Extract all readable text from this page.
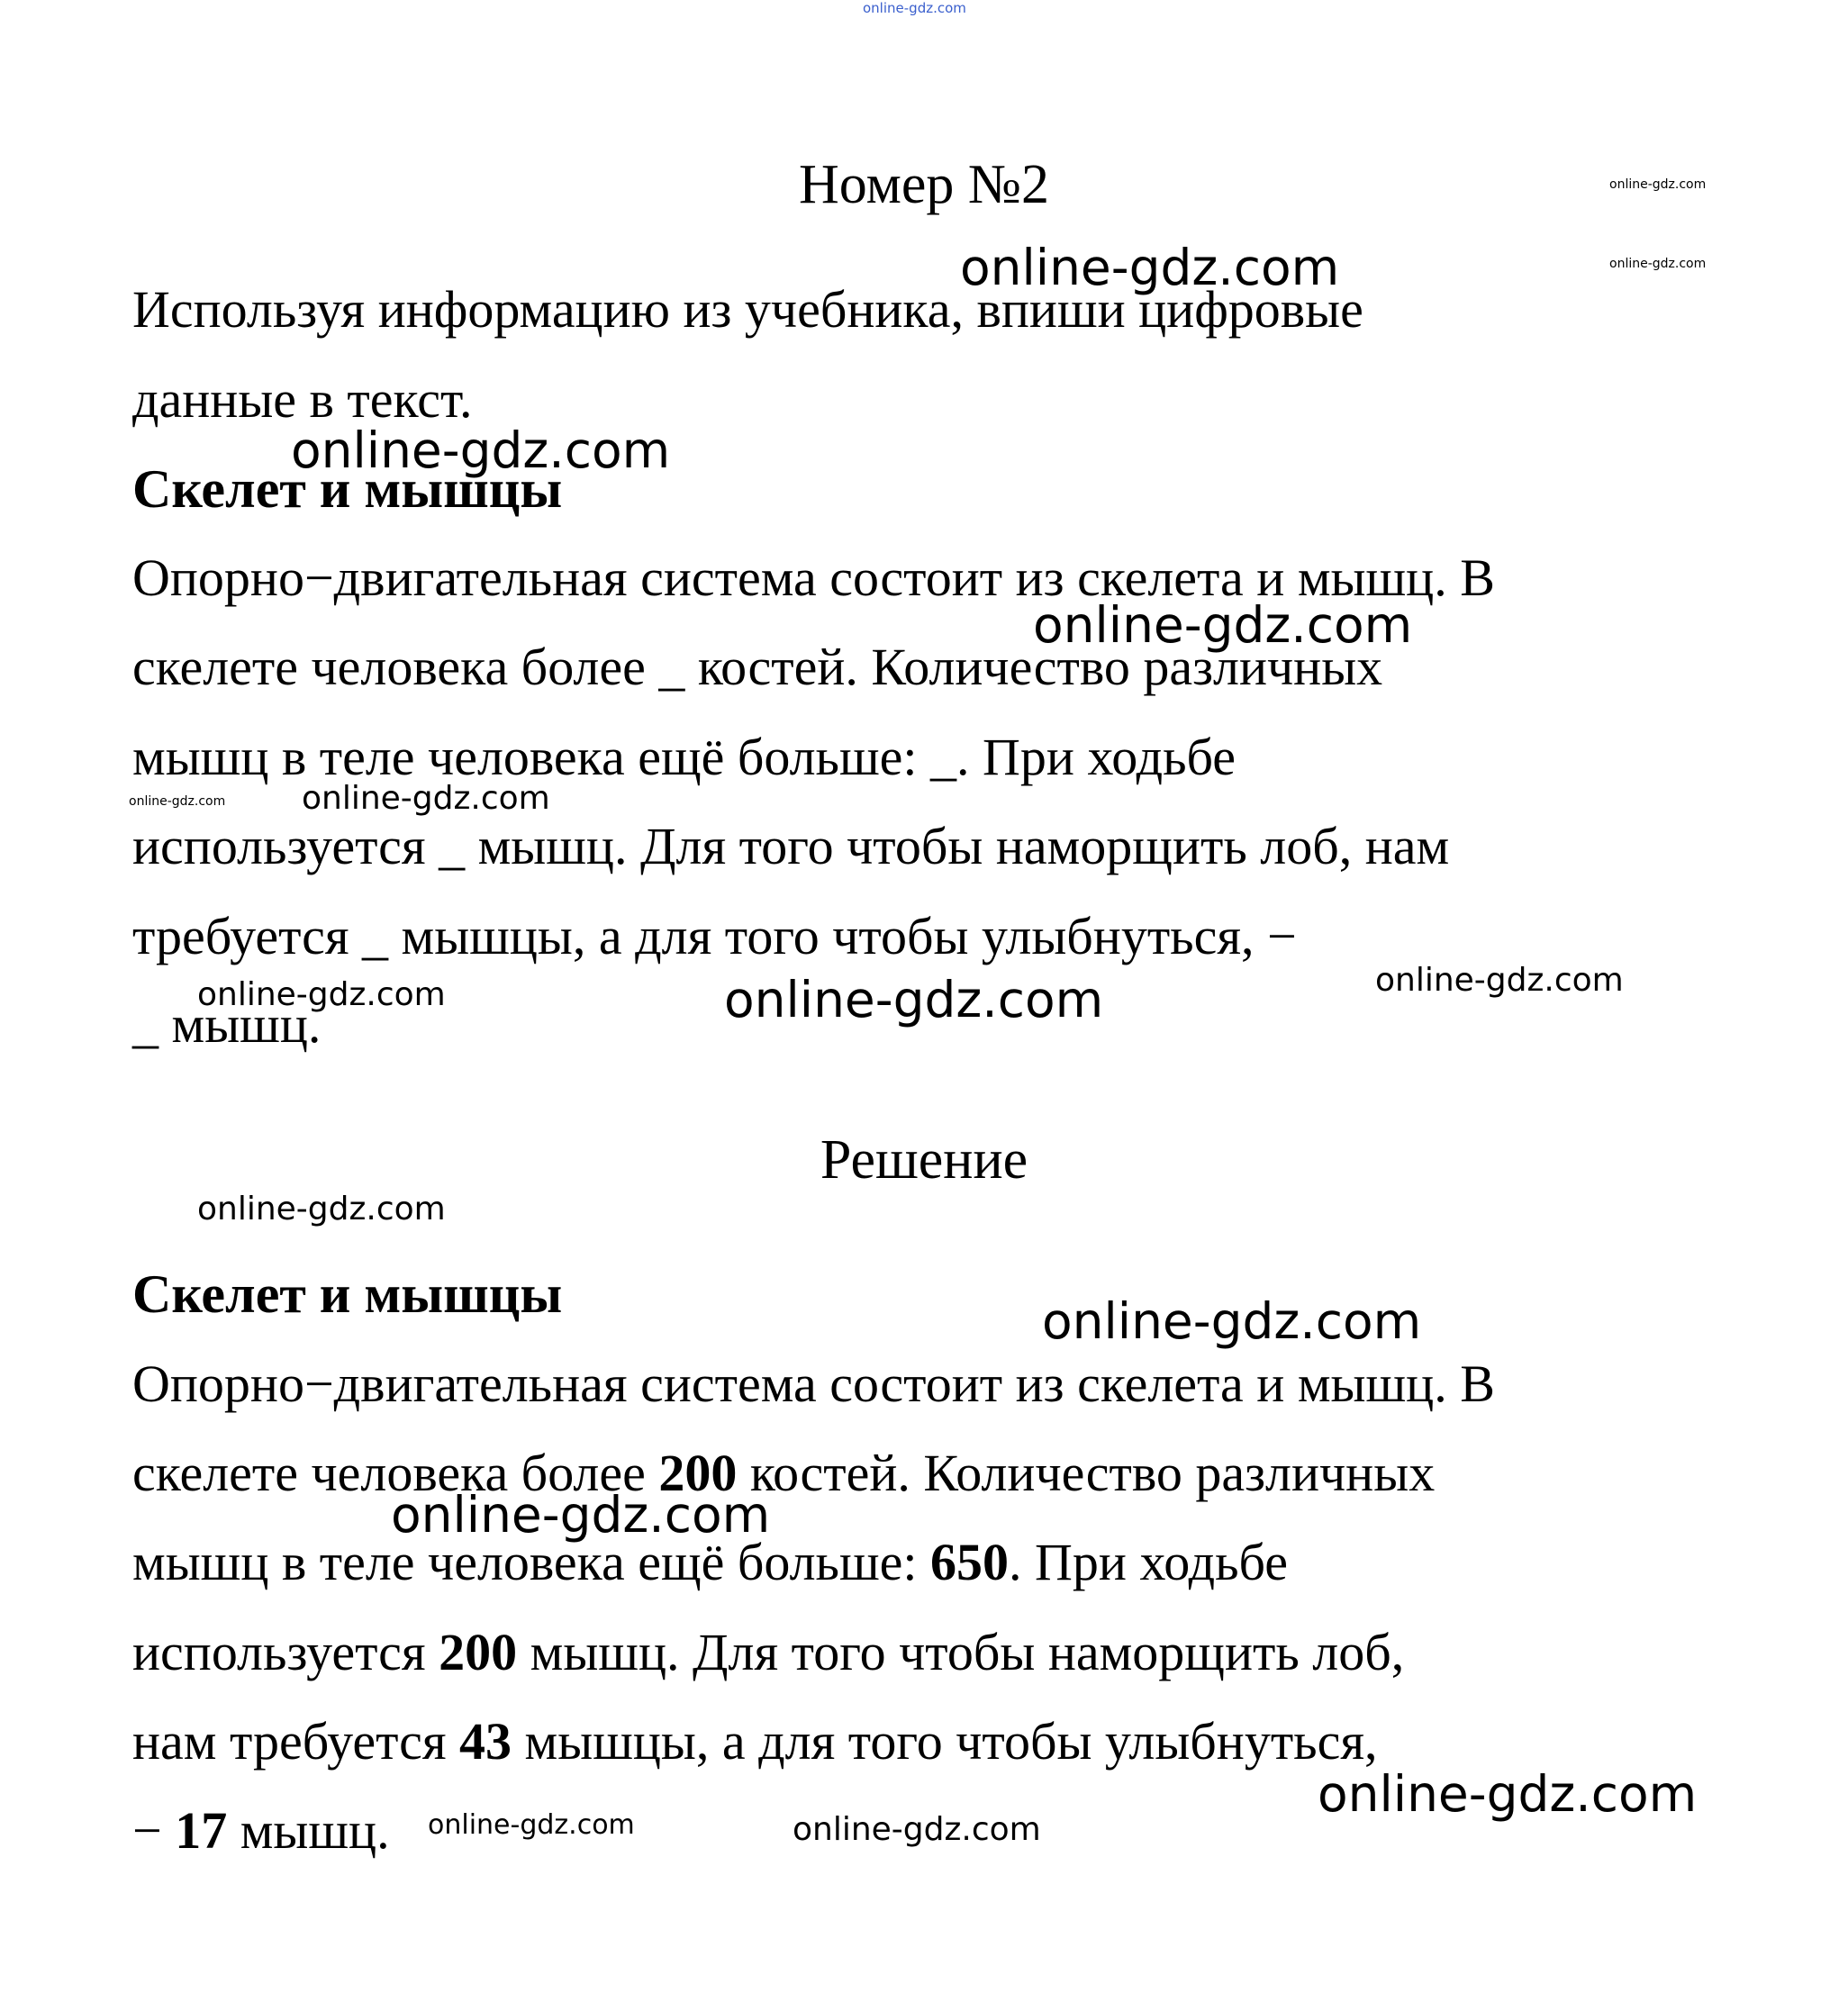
online-gdz.com
Номер №2	online-gdz.com
online-gdz.com
Используя информацию из учебника, впиши цифровые
данные в текст.
online-gdz.com
online-gdz.com
Скелет и мышцы
Опорно−двигательная система состоит из скелета и мышц. В
скелете человека более _ костей. Количество различных
мышц в теле человека ещё больше: _. При ходьбе
используется _ мышц. Для того чтобы наморщить лоб, нам
требуется _ мышцы, а для того чтобы улыбнуться, −
_ мышц.
online-gdz.com
online-gdz.com online-gdz.com
online-gdz.com	online-gdz.com	online-gdz.com
Решение
online-gdz.com
Скелет и мышцы	online-gdz.com
Опорно−двигательная система состоит из скелета и мышц. В
скелете человека более 200 костей. Количество различных
online-gdz.com
мышц в теле человека ещё больше: 650. При ходьбе
используется 200 мышц. Для того чтобы наморщить лоб,
нам требуется 43 мышцы, а для того чтобы улыбнуться,
online-gdz.com
− 17 мышц. online-gdz.com	online-gdz.com
